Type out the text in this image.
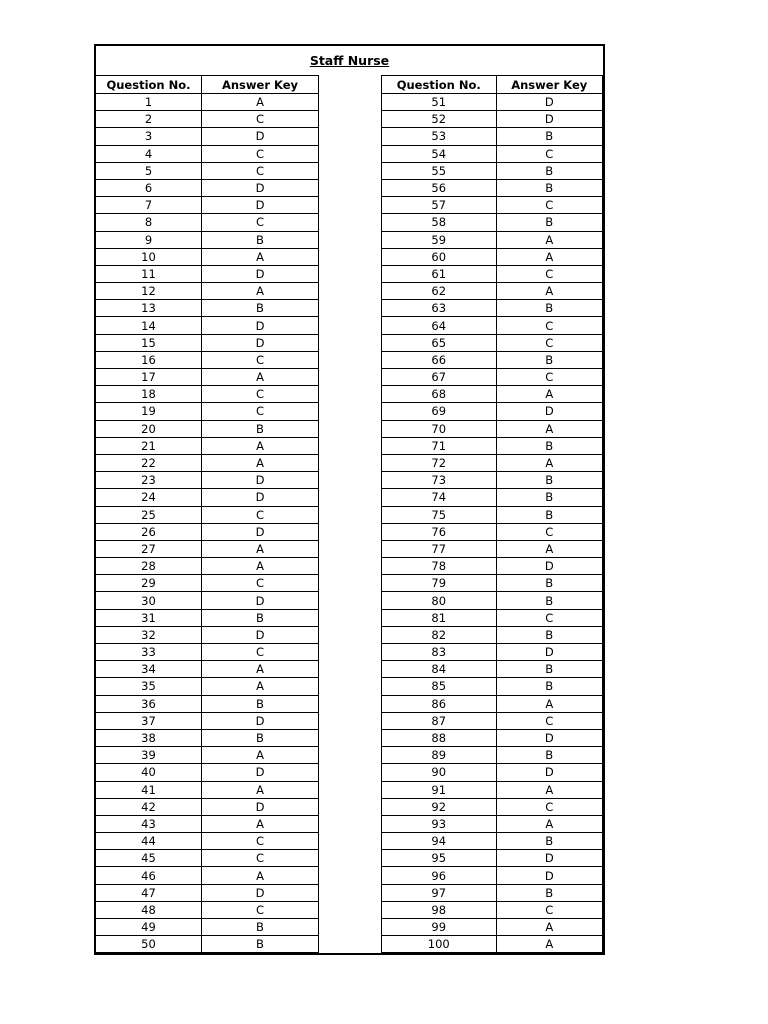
Staff Nurse
Question No.	Answer Key
1	A
2	C
3	D
4	C
5	C
6	D
7	D
8	C
9	B
10	A
11	D
12	A
13	B
14	D
15	D
16	C
17	A
18	C
19	C
20	B
21	A
22	A
23	D
24	D
25	C
26	D
27	A
28	A
29	C
30	D
31	B
32	D
33	C
34	A
35	A
36	B
37	D
38	B
39	A
40	D
41	A
42	D
43	A
44	C
45	C
46	A
47	D
48	C
49	B
50	B
Question No.	Answer Key
51	D
52	D
53	B
54	C
55	B
56	B
57	C
58	B
59	A
60	A
61	C
62	A
63	B
64	C
65	C
66	B
67	C
68	A
69	D
70	A
71	B
72	A
73	B
74	B
75	B
76	C
77	A
78	D
79	B
80	B
81	C
82	B
83	D
84	B
85	B
86	A
87	C
88	D
89	B
90	D
91	A
92	C
93	A
94	B
95	D
96	D
97	B
98	C
99	A
100	A
